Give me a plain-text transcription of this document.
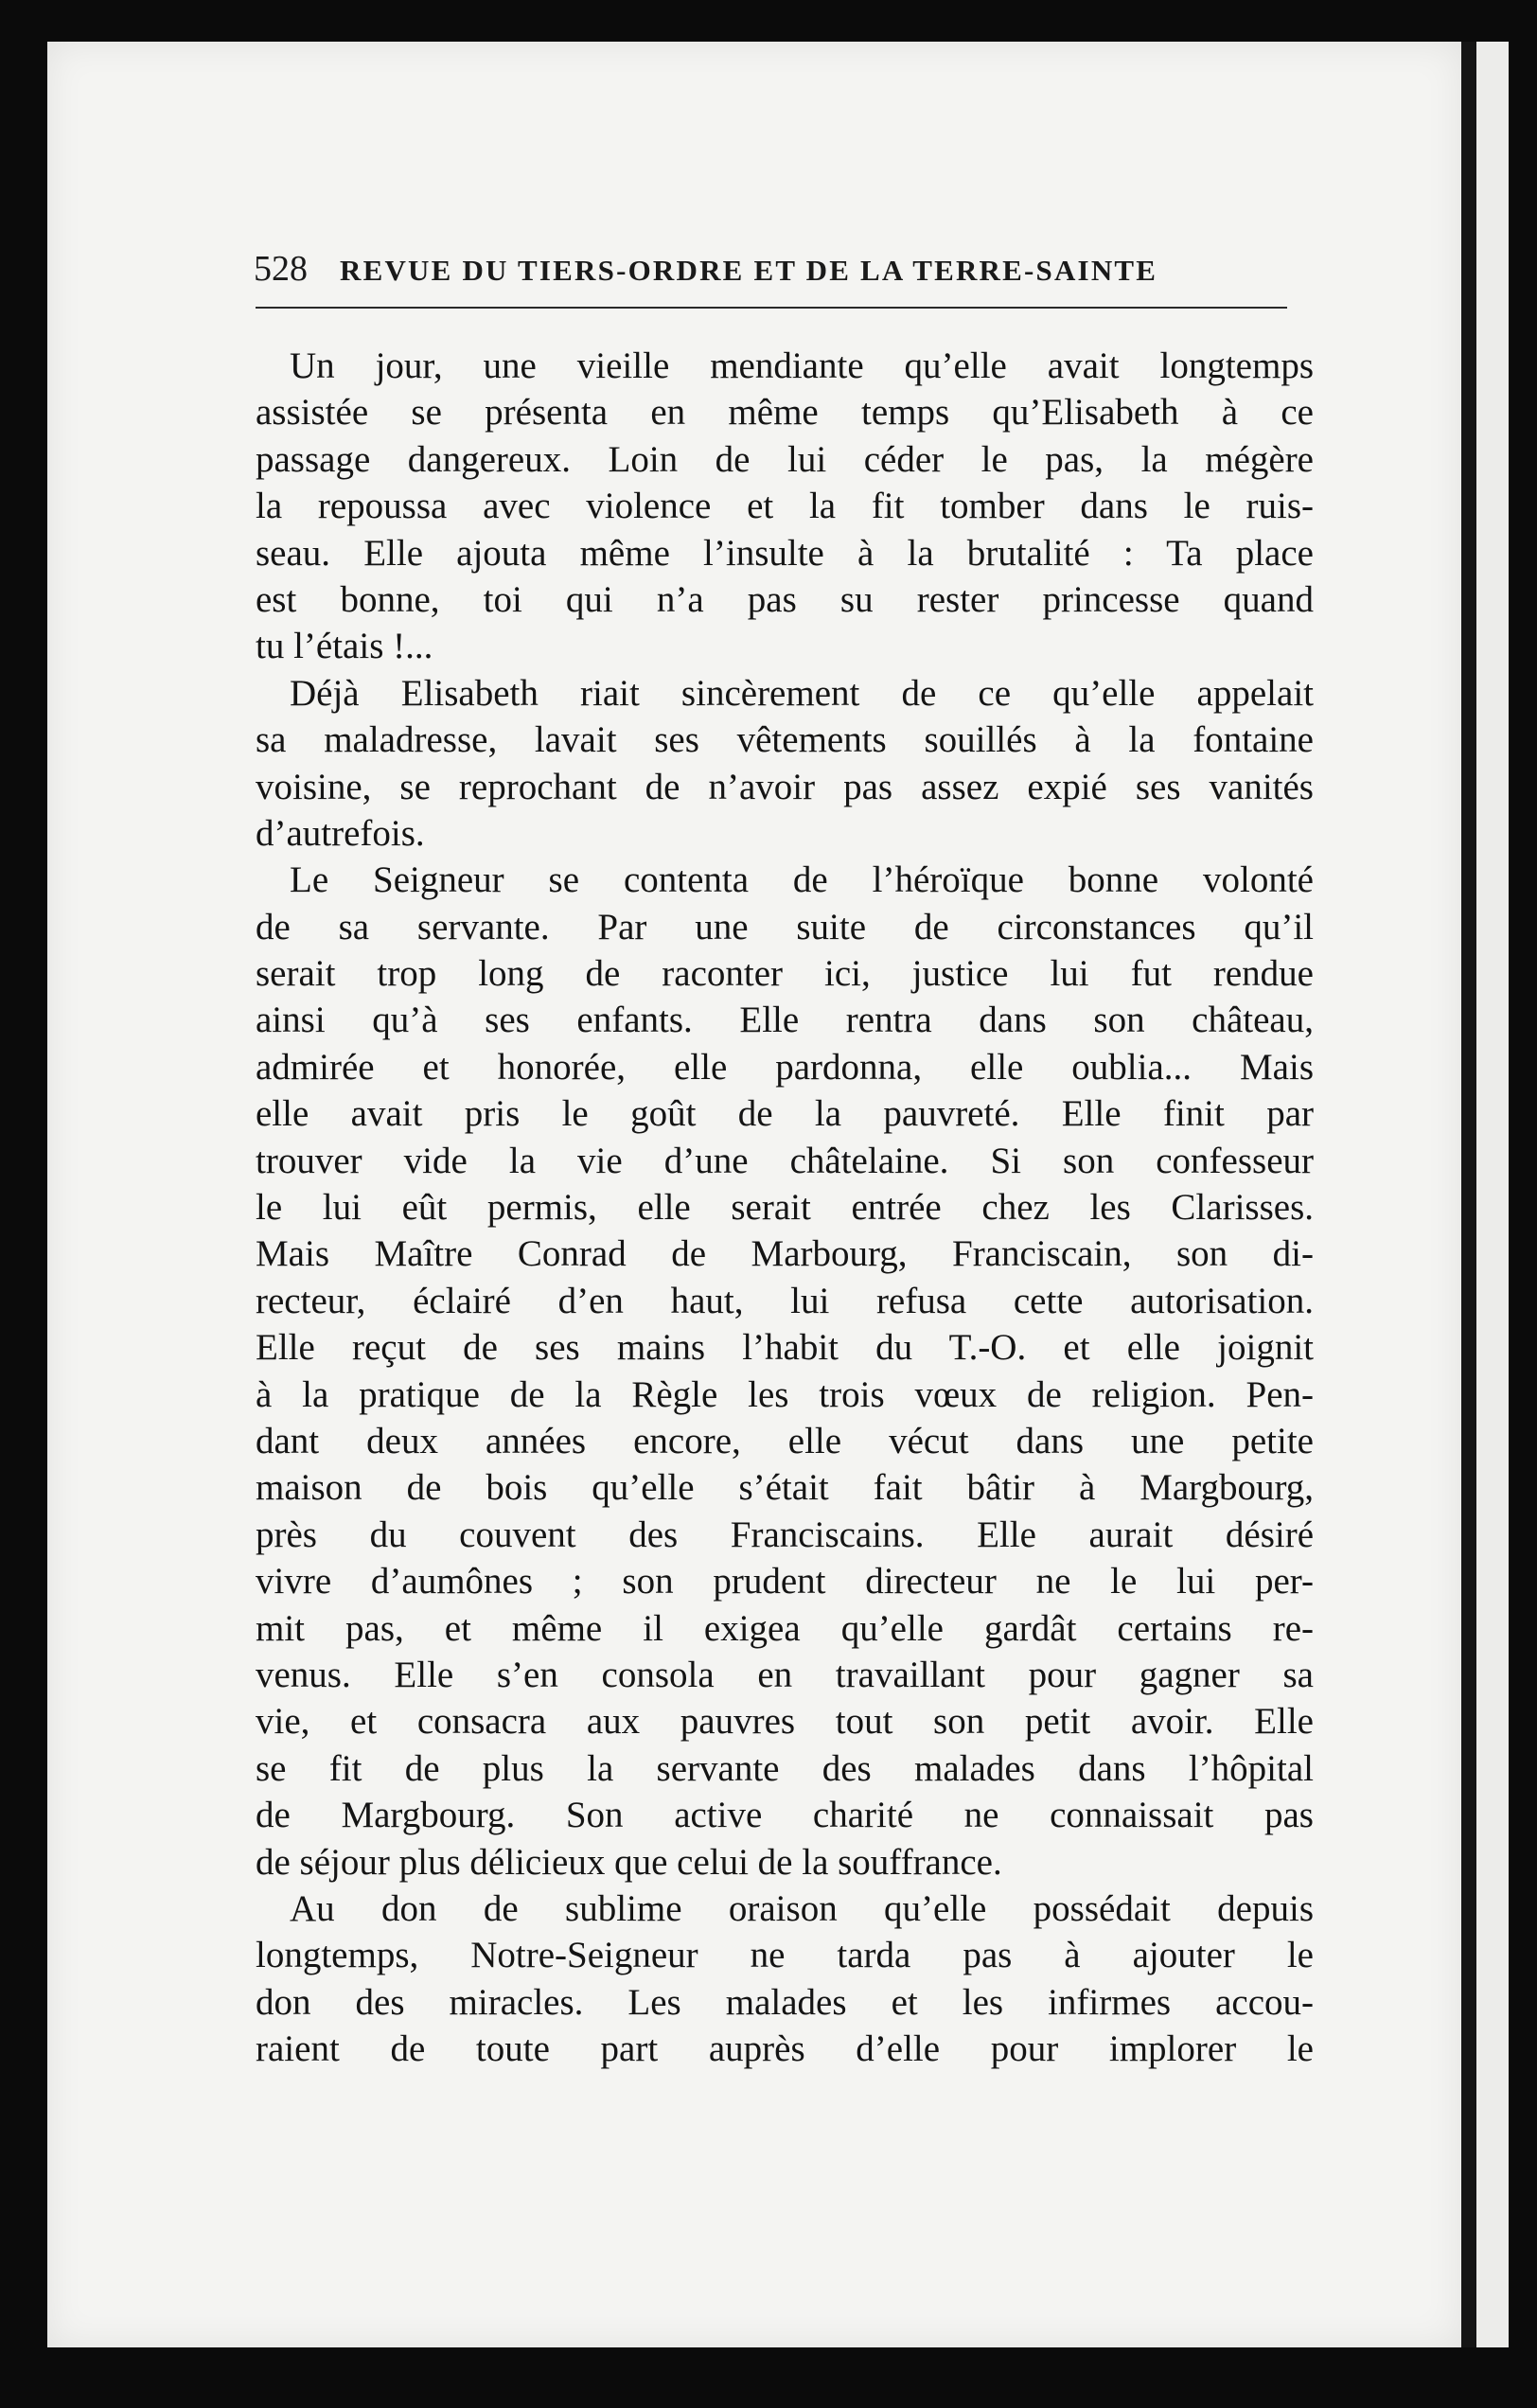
528 REVUE DU TIERS-ORDRE ET DE LA TERRE-SAINTE
Un jour, une vieille mendiante qu’elle avait longtemps
assistée se présenta en même temps qu’Elisabeth à ce
passage dangereux. Loin de lui céder le pas, la mégère
la repoussa avec violence et la fit tomber dans le ruis-
seau. Elle ajouta même l’insulte à la brutalité : Ta place
est bonne, toi qui n’a pas su rester princesse quand
tu l’étais !...
Déjà Elisabeth riait sincèrement de ce qu’elle appelait
sa maladresse, lavait ses vêtements souillés à la fontaine
voisine, se reprochant de n’avoir pas assez expié ses vanités
d’autrefois.
Le Seigneur se contenta de l’héroïque bonne volonté
de sa servante. Par une suite de circonstances qu’il
serait trop long de raconter ici, justice lui fut rendue
ainsi qu’à ses enfants. Elle rentra dans son château,
admirée et honorée, elle pardonna, elle oublia... Mais
elle avait pris le goût de la pauvreté. Elle finit par
trouver vide la vie d’une châtelaine. Si son confesseur
le lui eût permis, elle serait entrée chez les Clarisses.
Mais Maître Conrad de Marbourg, Franciscain, son di-
recteur, éclairé d’en haut, lui refusa cette autorisation.
Elle reçut de ses mains l’habit du T.-O. et elle joignit
à la pratique de la Règle les trois vœux de religion. Pen-
dant deux années encore, elle vécut dans une petite
maison de bois qu’elle s’était fait bâtir à Margbourg,
près du couvent des Franciscains. Elle aurait désiré
vivre d’aumônes ; son prudent directeur ne le lui per-
mit pas, et même il exigea qu’elle gardât certains re-
venus. Elle s’en consola en travaillant pour gagner sa
vie, et consacra aux pauvres tout son petit avoir. Elle
se fit de plus la servante des malades dans l’hôpital
de Margbourg. Son active charité ne connaissait pas
de séjour plus délicieux que celui de la souffrance.
Au don de sublime oraison qu’elle possédait depuis
longtemps, Notre-Seigneur ne tarda pas à ajouter le
don des miracles. Les malades et les infirmes accou-
raient de toute part auprès d’elle pour implorer le
